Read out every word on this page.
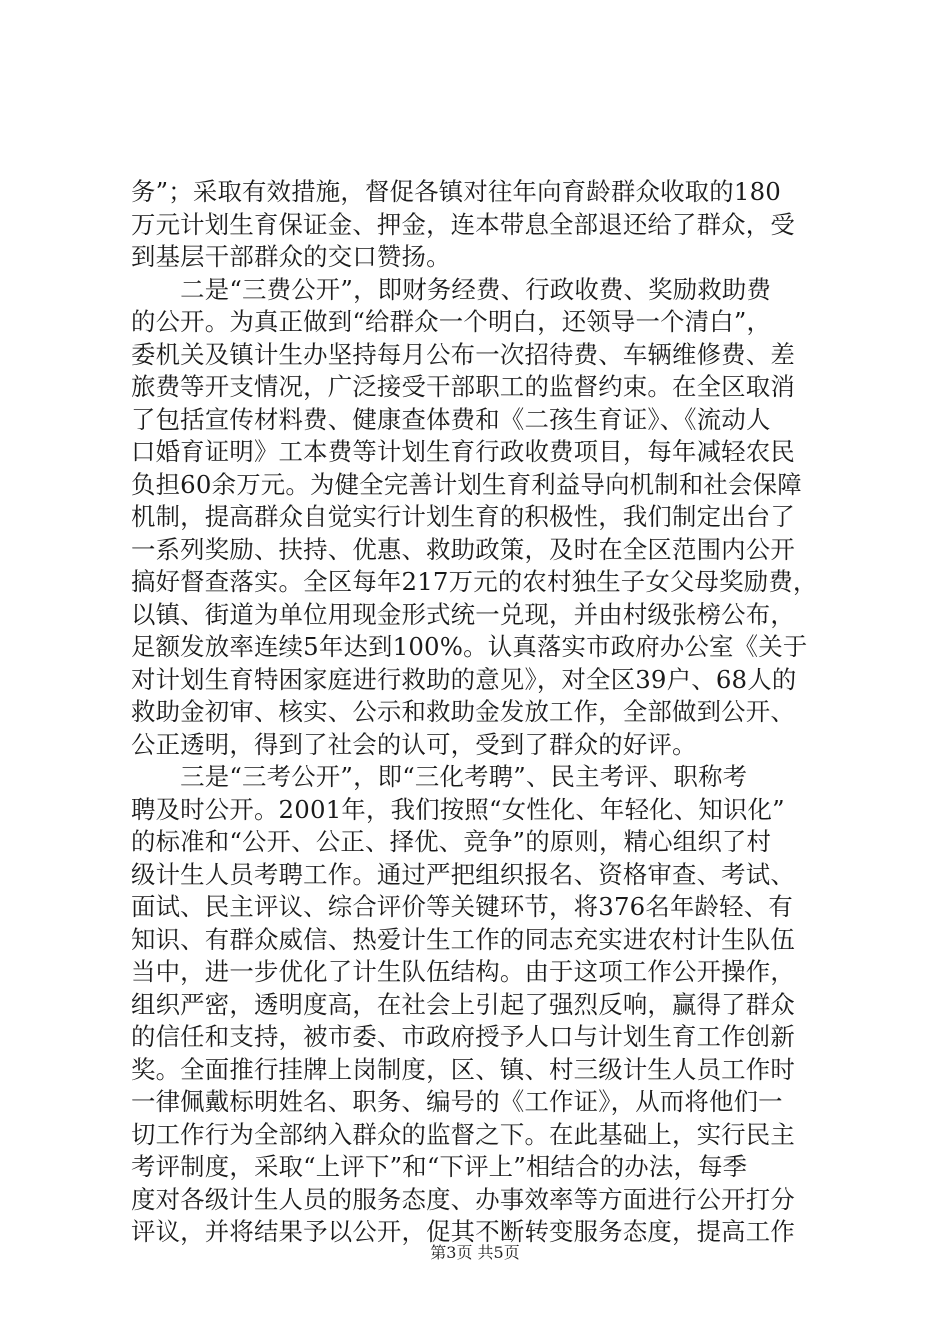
务”；采取有效措施，督促各镇对往年向育龄群众收取的180
万元计划生育保证金、押金，连本带息全部退还给了群众，受
到基层干部群众的交口赞扬。
　　二是“三费公开”，即财务经费、行政收费、奖励救助费
的公开。为真正做到“给群众一个明白，还领导一个清白”，
委机关及镇计生办坚持每月公布一次招待费、车辆维修费、差
旅费等开支情况，广泛接受干部职工的监督约束。在全区取消
了包括宣传材料费、健康查体费和《二孩生育证》、《流动人
口婚育证明》工本费等计划生育行政收费项目，每年减轻农民
负担60余万元。为健全完善计划生育利益导向机制和社会保障
机制，提高群众自觉实行计划生育的积极性，我们制定出台了
一系列奖励、扶持、优惠、救助政策，及时在全区范围内公开
搞好督查落实。全区每年217万元的农村独生子女父母奖励费，
以镇、街道为单位用现金形式统一兑现，并由村级张榜公布，
足额发放率连续5年达到100%。认真落实市政府办公室《关于
对计划生育特困家庭进行救助的意见》，对全区39户、68人的
救助金初审、核实、公示和救助金发放工作，全部做到公开、
公正透明，得到了社会的认可，受到了群众的好评。
　　三是“三考公开”，即“三化考聘”、民主考评、职称考
聘及时公开。2001年，我们按照“女性化、年轻化、知识化”
的标准和“公开、公正、择优、竞争”的原则，精心组织了村
级计生人员考聘工作。通过严把组织报名、资格审查、考试、
面试、民主评议、综合评价等关键环节，将376名年龄轻、有
知识、有群众威信、热爱计生工作的同志充实进农村计生队伍
当中，进一步优化了计生队伍结构。由于这项工作公开操作，
组织严密，透明度高，在社会上引起了强烈反响，赢得了群众
的信任和支持，被市委、市政府授予人口与计划生育工作创新
奖。全面推行挂牌上岗制度，区、镇、村三级计生人员工作时
一律佩戴标明姓名、职务、编号的《工作证》，从而将他们一
切工作行为全部纳入群众的监督之下。在此基础上，实行民主
考评制度，采取“上评下”和“下评上”相结合的办法，每季
度对各级计生人员的服务态度、办事效率等方面进行公开打分
评议，并将结果予以公开，促其不断转变服务态度，提高工作
第3页 共5页
